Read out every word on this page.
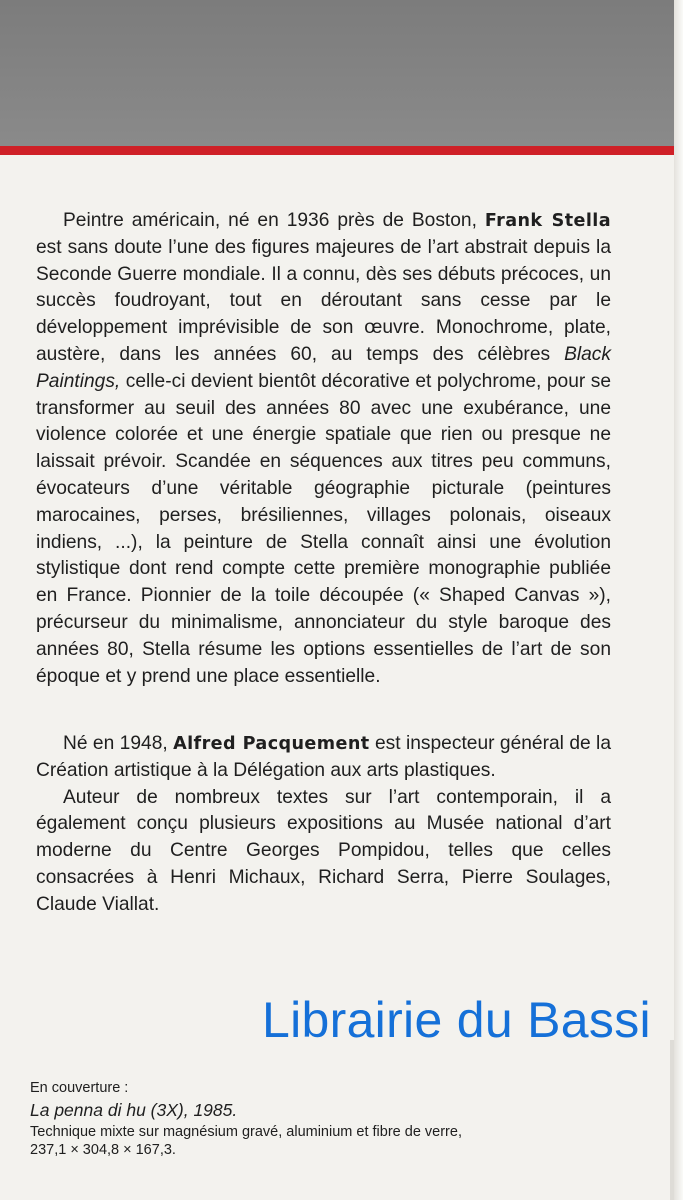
Peintre américain, né en 1936 près de Boston, Frank Stella est sans doute l’une des figures majeures de l’art abstrait depuis la Seconde Guerre mondiale. Il a connu, dès ses débuts précoces, un succès foudroyant, tout en déroutant sans cesse par le développement imprévisible de son œuvre. Monochrome, plate, austère, dans les années 60, au temps des célèbres Black Paintings, celle-ci devient bientôt décorative et polychrome, pour se transformer au seuil des années 80 avec une exubérance, une violence colorée et une énergie spatiale que rien ou presque ne laissait prévoir. Scandée en séquences aux titres peu communs, évocateurs d’une véritable géographie picturale (peintures marocaines, perses, brésiliennes, villages polonais, oiseaux indiens, ...), la peinture de Stella connaît ainsi une évolution stylistique dont rend compte cette première monographie publiée en France. Pionnier de la toile découpée (« Shaped Canvas »), précurseur du minimalisme, annonciateur du style baroque des années 80, Stella résume les options essentielles de l’art de son époque et y prend une place essentielle.

Né en 1948, Alfred Pacquement est inspecteur général de la Création artistique à la Délégation aux arts plastiques.

Auteur de nombreux textes sur l’art contemporain, il a également conçu plusieurs expositions au Musée national d’art moderne du Centre Georges Pompidou, telles que celles consacrées à Henri Michaux, Richard Serra, Pierre Soulages, Claude Viallat.

Librairie du Bassi
En couverture :
La penna di hu (3X), 1985.
Technique mixte sur magnésium gravé, aluminium et fibre de verre,
237,1 × 304,8 × 167,3.
